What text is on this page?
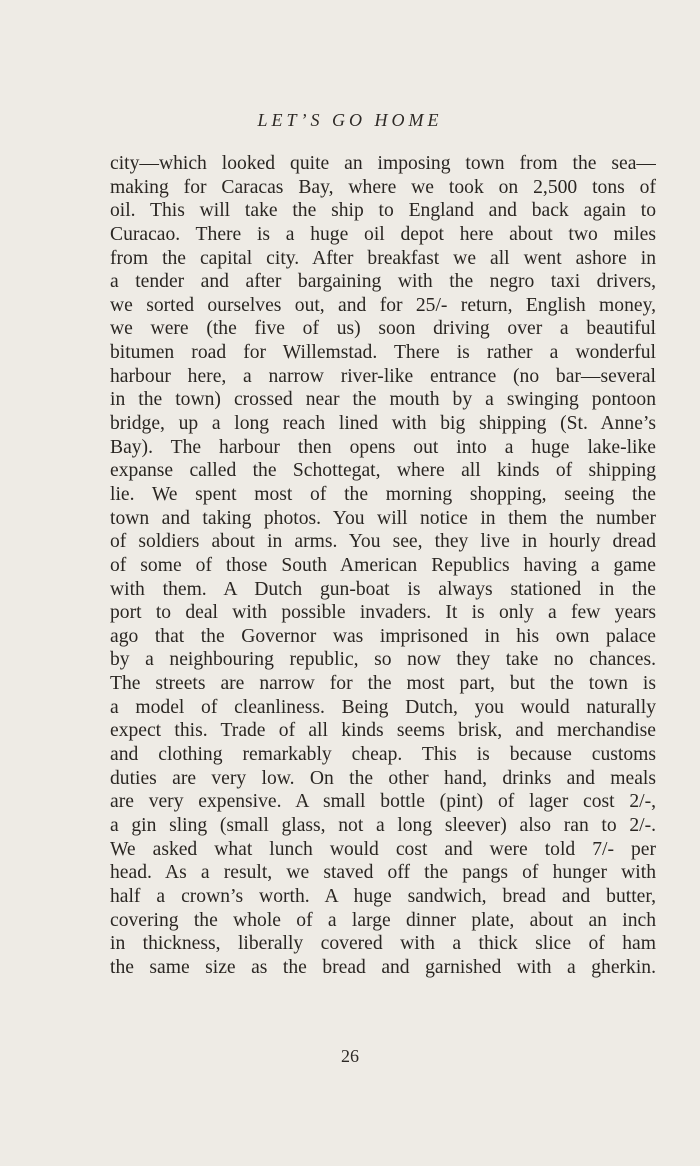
LET’S GO HOME
city—which looked quite an imposing town from the sea—
making for Caracas Bay, where we took on 2,500 tons of
oil. This will take the ship to England and back again to
Curacao. There is a huge oil depot here about two miles
from the capital city. After breakfast we all went ashore in
a tender and after bargaining with the negro taxi drivers,
we sorted ourselves out, and for 25/- return, English money,
we were (the five of us) soon driving over a beautiful
bitumen road for Willemstad. There is rather a wonderful
harbour here, a narrow river-like entrance (no bar—several
in the town) crossed near the mouth by a swinging pontoon
bridge, up a long reach lined with big shipping (St. Anne’s
Bay). The harbour then opens out into a huge lake-like
expanse called the Schottegat, where all kinds of shipping
lie. We spent most of the morning shopping, seeing the
town and taking photos. You will notice in them the number
of soldiers about in arms. You see, they live in hourly dread
of some of those South American Republics having a game
with them. A Dutch gun-boat is always stationed in the
port to deal with possible invaders. It is only a few years
ago that the Governor was imprisoned in his own palace
by a neighbouring republic, so now they take no chances.
The streets are narrow for the most part, but the town is
a model of cleanliness. Being Dutch, you would naturally
expect this. Trade of all kinds seems brisk, and merchandise
and clothing remarkably cheap. This is because customs
duties are very low. On the other hand, drinks and meals
are very expensive. A small bottle (pint) of lager cost 2/-,
a gin sling (small glass, not a long sleever) also ran to 2/-.
We asked what lunch would cost and were told 7/- per
head. As a result, we staved off the pangs of hunger with
half a crown’s worth. A huge sandwich, bread and butter,
covering the whole of a large dinner plate, about an inch
in thickness, liberally covered with a thick slice of ham
the same size as the bread and garnished with a gherkin.
26
